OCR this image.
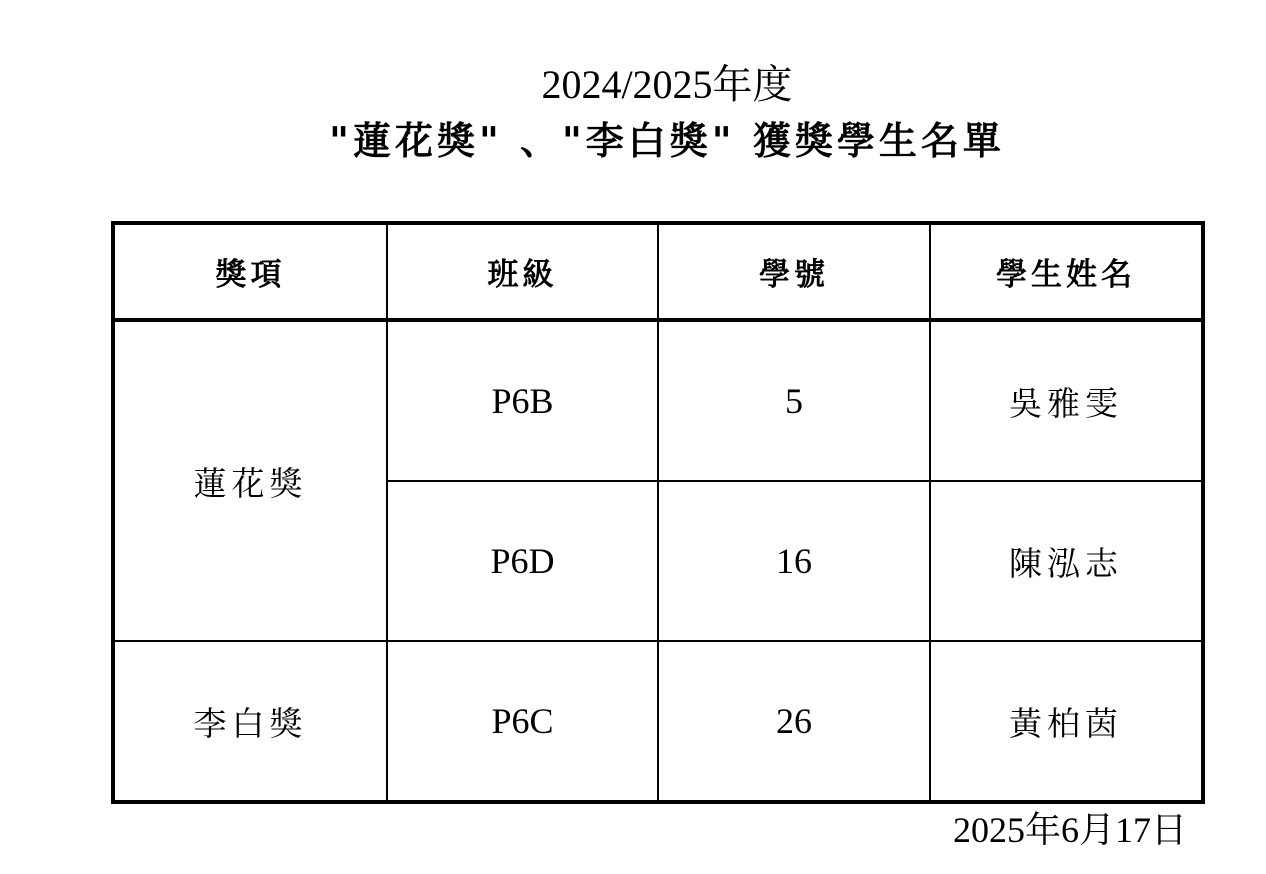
2024/2025年度
"蓮花獎" 、"李白獎" 獲獎學生名單
獎項	班級	學號	學生姓名
蓮花獎	P6B	5	吳雅雯
	P6D	16	陳泓志
李白獎	P6C	26	黃柏茵
2025年6月17日
